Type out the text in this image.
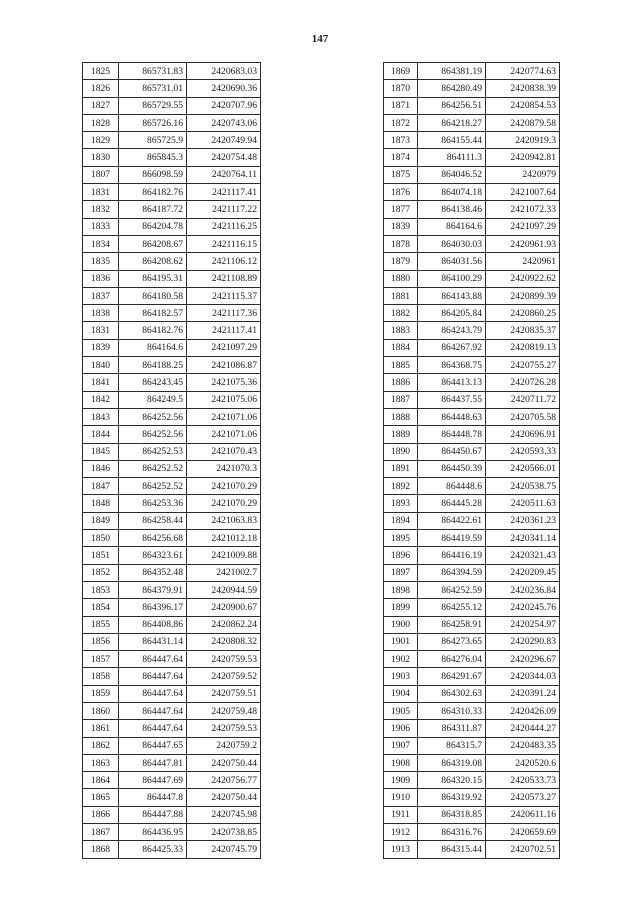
147
1825	865731.83	2420683.03
1826	865731.01	2420690.36
1827	865729.55	2420707.96
1828	865726.16	2420743.06
1829	865725.9	2420749.94
1830	865845.3	2420754.48
1807	866098.59	2420764.11
1831	864182.76	2421117.41
1832	864187.72	2421117.22
1833	864204.78	2421116.25
1834	864208.67	2421116.15
1835	864208.62	2421106.12
1836	864195.31	2421108.89
1837	864180.58	2421115.37
1838	864182.57	2421117.36
1831	864182.76	2421117.41
1839	864164.6	2421097.29
1840	864188.25	2421086.87
1841	864243.45	2421075.36
1842	864249.5	2421075.06
1843	864252.56	2421071.06
1844	864252.56	2421071.06
1845	864252.53	2421070.43
1846	864252.52	2421070.3
1847	864252.52	2421070.29
1848	864253.36	2421070.29
1849	864258.44	2421063.83
1850	864256.68	2421012.18
1851	864323.61	2421009.88
1852	864352.48	2421002.7
1853	864379.91	2420944.59
1854	864396.17	2420900.67
1855	864408.86	2420862.24
1856	864431.14	2420808.32
1857	864447.64	2420759.53
1858	864447.64	2420759.52
1859	864447.64	2420759.51
1860	864447.64	2420759.48
1861	864447.64	2420759.53
1862	864447.65	2420759.2
1863	864447.81	2420750.44
1864	864447.69	2420756.77
1865	864447.8	2420750.44
1866	864447.88	2420745.98
1867	864436.95	2420738.85
1868	864425.33	2420745.79
1869	864381.19	2420774.63
1870	864280.49	2420838.39
1871	864256.51	2420854.53
1872	864218.27	2420879.58
1873	864155.44	2420919.3
1874	864111.3	2420942.81
1875	864046.52	2420979
1876	864074.18	2421007.64
1877	864138.46	2421072.33
1839	864164.6	2421097.29
1878	864030.03	2420961.93
1879	864031.56	2420961
1880	864100.29	2420922.62
1881	864143.88	2420899.39
1882	864205.84	2420860.25
1883	864243.79	2420835.37
1884	864267.92	2420819.13
1885	864368.75	2420755.27
1886	864413.13	2420726.28
1887	864437.55	2420711.72
1888	864448.63	2420705.58
1889	864448.78	2420696.91
1890	864450.67	2420593.33
1891	864450.39	2420566.01
1892	864448.6	2420538.75
1893	864445.28	2420511.63
1894	864422.61	2420361.23
1895	864419.59	2420341.14
1896	864416.19	2420321.43
1897	864394.59	2420209.45
1898	864252.59	2420236.84
1899	864255.12	2420245.76
1900	864258.91	2420254.97
1901	864273.65	2420290.83
1902	864276.04	2420296.67
1903	864291.67	2420344.03
1904	864302.63	2420391.24
1905	864310.33	2420426.09
1906	864311.87	2420444.27
1907	864315.7	2420483.35
1908	864319.08	2420520.6
1909	864320.15	2420533.73
1910	864319.92	2420573.27
1911	864318.85	2420611.16
1912	864316.76	2420659.69
1913	864315.44	2420702.51
